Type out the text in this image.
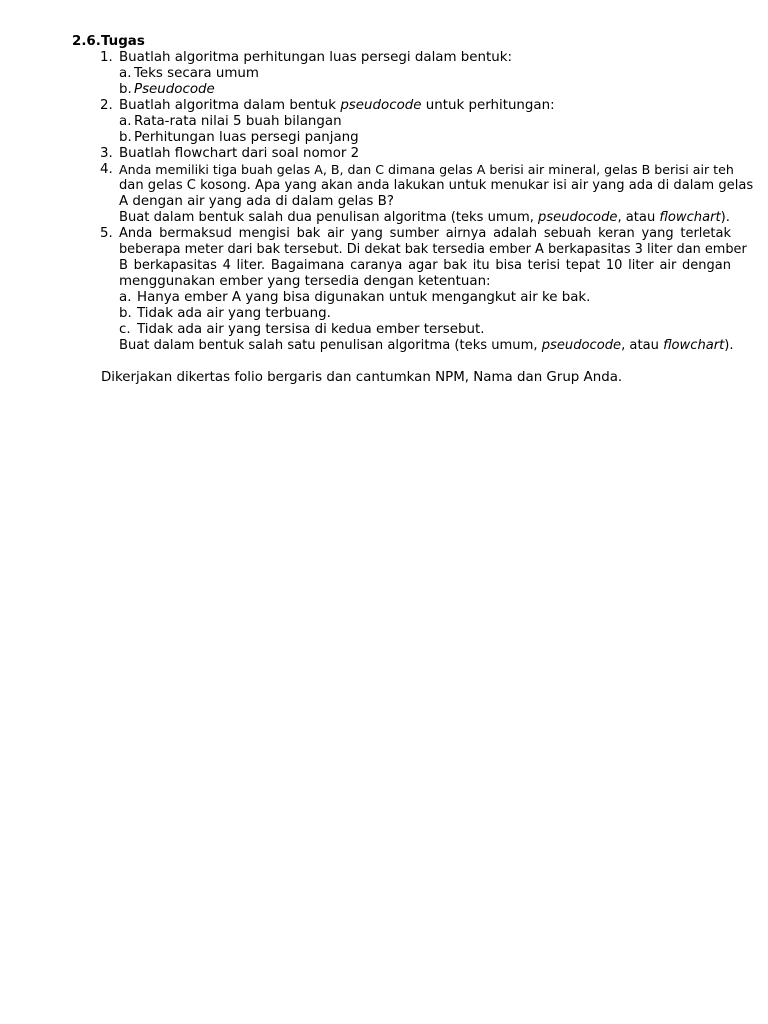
2.6. Tugas
1. Buatlah algoritma perhitungan luas persegi dalam bentuk:
a. Teks secara umum
b. Pseudocode
2. Buatlah algoritma dalam bentuk pseudocode untuk perhitungan:
a. Rata-rata nilai 5 buah bilangan
b. Perhitungan luas persegi panjang
3. Buatlah flowchart dari soal nomor 2
4. Anda memiliki tiga buah gelas A, B, dan C dimana gelas A berisi air mineral, gelas B berisi air teh
dan gelas C kosong. Apa yang akan anda lakukan untuk menukar isi air yang ada di dalam gelas
A dengan air yang ada di dalam gelas B?
Buat dalam bentuk salah dua penulisan algoritma (teks umum, pseudocode, atau flowchart).
5. Anda bermaksud mengisi bak air yang sumber airnya adalah sebuah keran yang terletak
beberapa meter dari bak tersebut. Di dekat bak tersedia ember A berkapasitas 3 liter dan ember
B berkapasitas 4 liter. Bagaimana caranya agar bak itu bisa terisi tepat 10 liter air dengan
menggunakan ember yang tersedia dengan ketentuan:
a. Hanya ember A yang bisa digunakan untuk mengangkut air ke bak.
b. Tidak ada air yang terbuang.
c. Tidak ada air yang tersisa di kedua ember tersebut.
Buat dalam bentuk salah satu penulisan algoritma (teks umum, pseudocode, atau flowchart).
Dikerjakan dikertas folio bergaris dan cantumkan NPM, Nama dan Grup Anda.
